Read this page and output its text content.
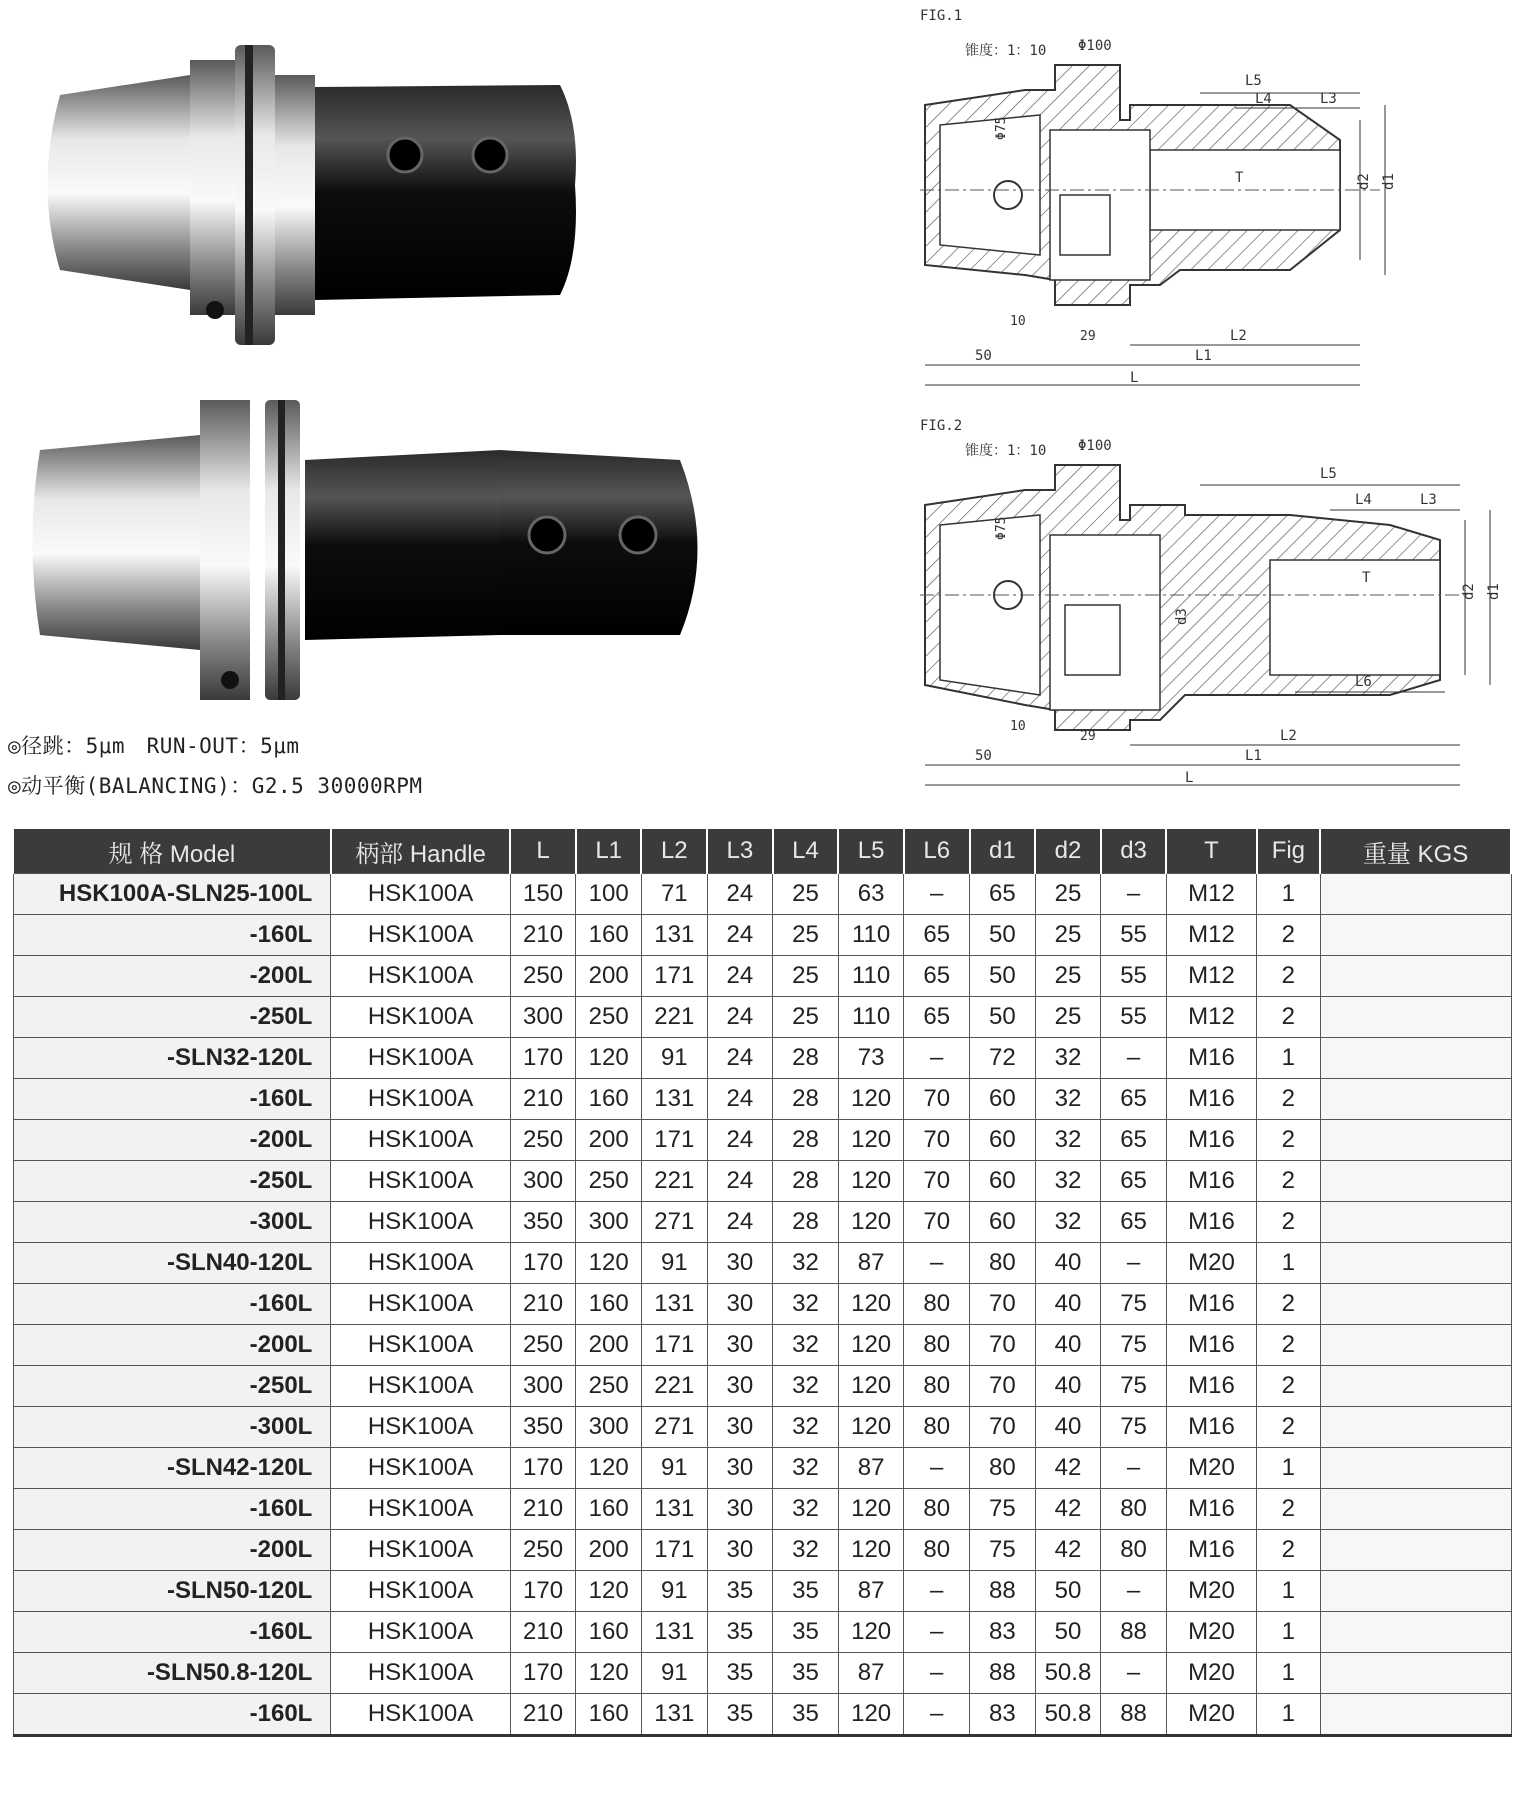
◎径跳：5μm　RUN-OUT：5μm
◎动平衡(BALANCING)：G2.5 30000RPM
FIG.1
锥度：1：10 Φ100
Φ75
L5
L4	L3
T	d2 d1
10
29	L2
50	L1
L
FIG.2
锥度：1：10 Φ100
Φ75
L5
L4	L3
T
d3
L6
d2 d1
10
29	L2
50	L1
L
规 格 Model	柄部 Handle	L	L1	L2	L3	L4	L5	L6	d1	d2	d3	T	Fig	重量 KGS
HSK100A-SLN25-100L	HSK100A	150	100	71	24	25	63	–	65	25	–	M12	1	
-160L	HSK100A	210	160	131	24	25	110	65	50	25	55	M12	2	
-200L	HSK100A	250	200	171	24	25	110	65	50	25	55	M12	2	
-250L	HSK100A	300	250	221	24	25	110	65	50	25	55	M12	2	
-SLN32-120L	HSK100A	170	120	91	24	28	73	–	72	32	–	M16	1	
-160L	HSK100A	210	160	131	24	28	120	70	60	32	65	M16	2	
-200L	HSK100A	250	200	171	24	28	120	70	60	32	65	M16	2	
-250L	HSK100A	300	250	221	24	28	120	70	60	32	65	M16	2	
-300L	HSK100A	350	300	271	24	28	120	70	60	32	65	M16	2	
-SLN40-120L	HSK100A	170	120	91	30	32	87	–	80	40	–	M20	1	
-160L	HSK100A	210	160	131	30	32	120	80	70	40	75	M16	2	
-200L	HSK100A	250	200	171	30	32	120	80	70	40	75	M16	2	
-250L	HSK100A	300	250	221	30	32	120	80	70	40	75	M16	2	
-300L	HSK100A	350	300	271	30	32	120	80	70	40	75	M16	2	
-SLN42-120L	HSK100A	170	120	91	30	32	87	–	80	42	–	M20	1	
-160L	HSK100A	210	160	131	30	32	120	80	75	42	80	M16	2	
-200L	HSK100A	250	200	171	30	32	120	80	75	42	80	M16	2	
-SLN50-120L	HSK100A	170	120	91	35	35	87	–	88	50	–	M20	1	
-160L	HSK100A	210	160	131	35	35	120	–	83	50	88	M20	1	
-SLN50.8-120L	HSK100A	170	120	91	35	35	87	–	88	50.8	–	M20	1	
-160L	HSK100A	210	160	131	35	35	120	–	83	50.8	88	M20	1	
